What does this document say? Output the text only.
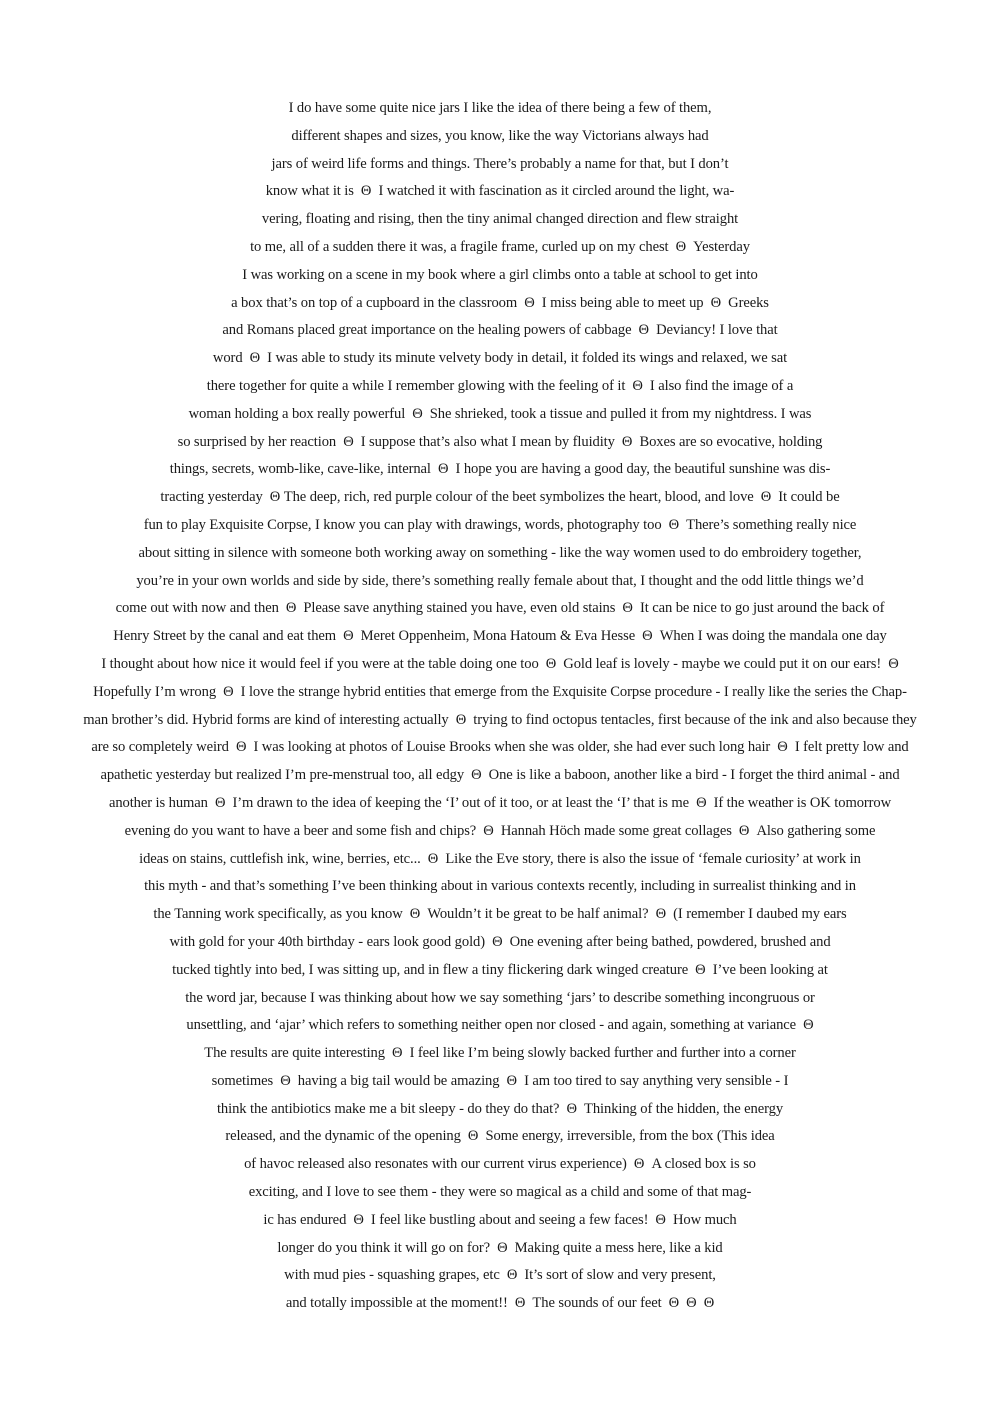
I do have some quite nice jars I like the idea of there being a few of them,
different shapes and sizes, you know, like the way Victorians always had
jars of weird life forms and things. There’s probably a name for that, but I don’t
know what it is  Θ  I watched it with fascination as it circled around the light, wa-
vering, floating and rising, then the tiny animal changed direction and flew straight
to me, all of a sudden there it was, a fragile frame, curled up on my chest  Θ  Yesterday
I was working on a scene in my book where a girl climbs onto a table at school to get into
a box that’s on top of a cupboard in the classroom  Θ  I miss being able to meet up  Θ  Greeks
and Romans placed great importance on the healing powers of cabbage  Θ  Deviancy! I love that
word  Θ  I was able to study its minute velvety body in detail, it folded its wings and relaxed, we sat
there together for quite a while I remember glowing with the feeling of it  Θ  I also find the image of a
woman holding a box really powerful  Θ  She shrieked, took a tissue and pulled it from my nightdress. I was
so surprised by her reaction  Θ  I suppose that’s also what I mean by fluidity  Θ  Boxes are so evocative, holding
things, secrets, womb-like, cave-like, internal  Θ  I hope you are having a good day, the beautiful sunshine was dis-
tracting yesterday  Θ The deep, rich, red purple colour of the beet symbolizes the heart, blood, and love  Θ  It could be
fun to play Exquisite Corpse, I know you can play with drawings, words, photography too  Θ  There’s something really nice
about sitting in silence with someone both working away on something - like the way women used to do embroidery together,
you’re in your own worlds and side by side, there’s something really female about that, I thought and the odd little things we’d
come out with now and then  Θ  Please save anything stained you have, even old stains  Θ  It can be nice to go just around the back of
Henry Street by the canal and eat them  Θ  Meret Oppenheim, Mona Hatoum & Eva Hesse  Θ  When I was doing the mandala one day
I thought about how nice it would feel if you were at the table doing one too  Θ  Gold leaf is lovely - maybe we could put it on our ears!  Θ
Hopefully I’m wrong  Θ  I love the strange hybrid entities that emerge from the Exquisite Corpse procedure - I really like the series the Chap-
man brother’s did. Hybrid forms are kind of interesting actually  Θ  trying to find octopus tentacles, first because of the ink and also because they
are so completely weird  Θ  I was looking at photos of Louise Brooks when she was older, she had ever such long hair  Θ  I felt pretty low and
apathetic yesterday but realized I’m pre-menstrual too, all edgy  Θ  One is like a baboon, another like a bird - I forget the third animal - and
another is human  Θ  I’m drawn to the idea of keeping the ‘I’ out of it too, or at least the ‘I’ that is me  Θ  If the weather is OK tomorrow
evening do you want to have a beer and some fish and chips?  Θ  Hannah Höch made some great collages  Θ  Also gathering some
ideas on stains, cuttlefish ink, wine, berries, etc...  Θ  Like the Eve story, there is also the issue of ‘female curiosity’ at work in
this myth - and that’s something I’ve been thinking about in various contexts recently, including in surrealist thinking and in
the Tanning work specifically, as you know  Θ  Wouldn’t it be great to be half animal?  Θ  (I remember I daubed my ears
with gold for your 40th birthday - ears look good gold)  Θ  One evening after being bathed, powdered, brushed and
tucked tightly into bed, I was sitting up, and in flew a tiny flickering dark winged creature  Θ  I’ve been looking at
the word jar, because I was thinking about how we say something ‘jars’ to describe something incongruous or
unsettling, and ‘ajar’ which refers to something neither open nor closed - and again, something at variance  Θ
The results are quite interesting  Θ  I feel like I’m being slowly backed further and further into a corner
sometimes  Θ  having a big tail would be amazing  Θ  I am too tired to say anything very sensible - I
think the antibiotics make me a bit sleepy - do they do that?  Θ  Thinking of the hidden, the energy
released, and the dynamic of the opening  Θ  Some energy, irreversible, from the box (This idea
of havoc released also resonates with our current virus experience)  Θ  A closed box is so
exciting, and I love to see them - they were so magical as a child and some of that mag-
ic has endured  Θ  I feel like bustling about and seeing a few faces!  Θ  How much
longer do you think it will go on for?  Θ  Making quite a mess here, like a kid
with mud pies - squashing grapes, etc  Θ  It’s sort of slow and very present,
and totally impossible at the moment!!  Θ  The sounds of our feet  Θ  Θ  Θ
